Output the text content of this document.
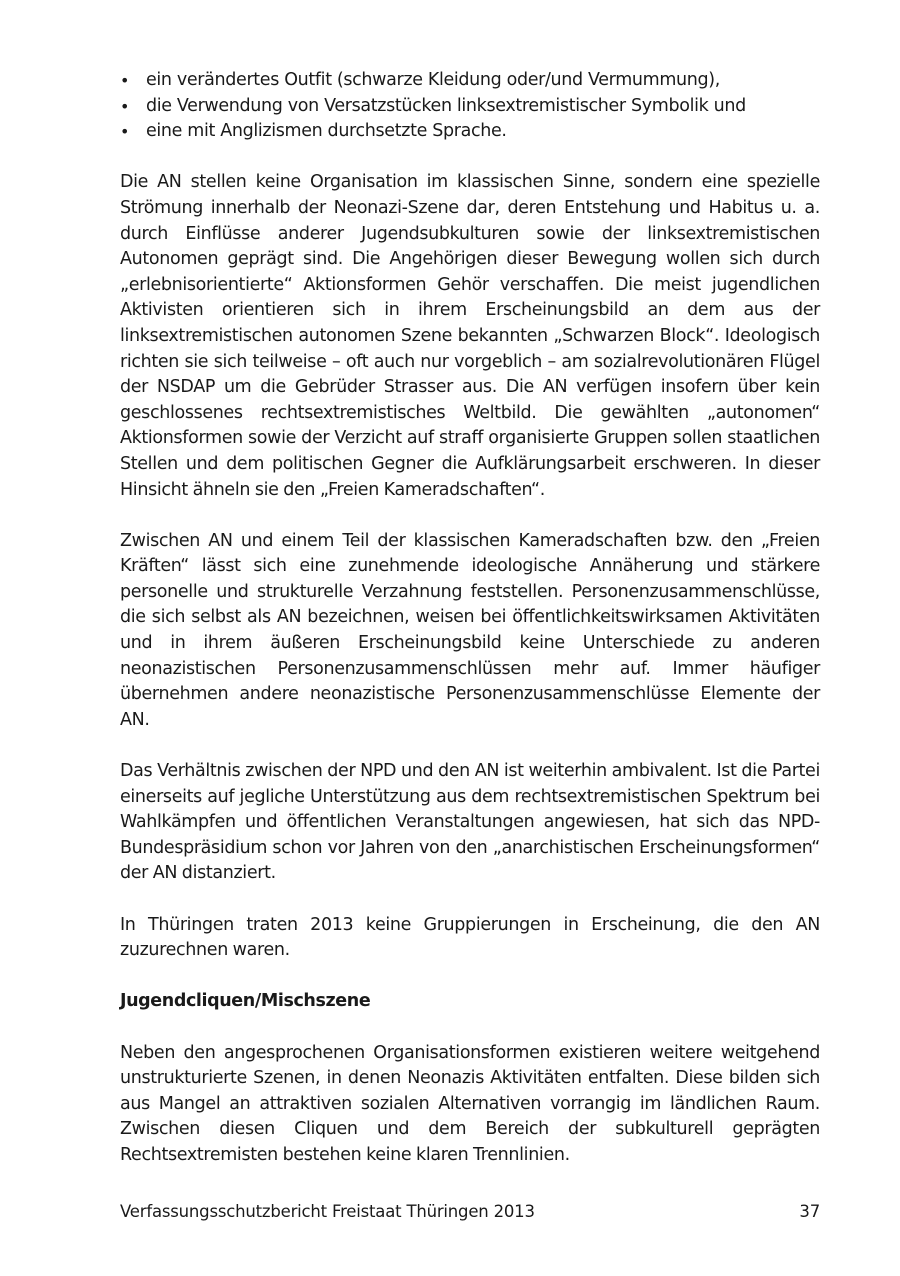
• ein verändertes Outfit (schwarze Kleidung oder/und Vermummung),
• die Verwendung von Versatzstücken linksextremistischer Symbolik und
• eine mit Anglizismen durchsetzte Sprache.

Die AN stellen keine Organisation im klassischen Sinne, sondern eine spezielle Strömung innerhalb der Neonazi-Szene dar, deren Entstehung und Habitus u. a. durch Einflüsse anderer Jugendsubkulturen sowie der linksextremistischen Autonomen geprägt sind. Die Angehörigen dieser Bewegung wollen sich durch „erlebnisorientierte“ Aktionsformen Gehör verschaffen. Die meist jugendlichen Aktivisten orientieren sich in ihrem Erscheinungsbild an dem aus der linksextremistischen autonomen Szene bekannten „Schwarzen Block“. Ideologisch richten sie sich teilweise – oft auch nur vorgeblich – am sozialrevolutionären Flügel der NSDAP um die Gebrüder Strasser aus. Die AN verfügen insofern über kein geschlossenes rechtsextremistisches Weltbild. Die gewählten „autonomen“ Aktionsformen sowie der Verzicht auf straff organisierte Gruppen sollen staatlichen Stellen und dem politischen Gegner die Aufklärungsarbeit erschweren. In dieser Hinsicht ähneln sie den „Freien Kameradschaften“.

Zwischen AN und einem Teil der klassischen Kameradschaften bzw. den „Freien Kräften“ lässt sich eine zunehmende ideologische Annäherung und stärkere personelle und strukturelle Verzahnung feststellen. Personenzusammenschlüsse, die sich selbst als AN bezeichnen, weisen bei öffentlichkeitswirksamen Aktivitäten und in ihrem äußeren Erscheinungsbild keine Unterschiede zu anderen neonazistischen Personenzusammenschlüssen mehr auf. Immer häufiger übernehmen andere neonazistische Personenzusammenschlüsse Elemente der AN.

Das Verhältnis zwischen der NPD und den AN ist weiterhin ambivalent. Ist die Partei einerseits auf jegliche Unterstützung aus dem rechtsextremistischen Spektrum bei Wahlkämpfen und öffentlichen Veranstaltungen angewiesen, hat sich das NPD-Bundespräsidium schon vor Jahren von den „anarchistischen Erscheinungsformen“ der AN distanziert.

In Thüringen traten 2013 keine Gruppierungen in Erscheinung, die den AN zuzurechnen waren.

Jugendcliquen/Mischszene

Neben den angesprochenen Organisationsformen existieren weitere weitgehend unstrukturierte Szenen, in denen Neonazis Aktivitäten entfalten. Diese bilden sich aus Mangel an attraktiven sozialen Alternativen vorrangig im ländlichen Raum. Zwischen diesen Cliquen und dem Bereich der subkulturell geprägten Rechtsextremisten bestehen keine klaren Trennlinien.

Verfassungsschutzbericht Freistaat Thüringen 2013	37
